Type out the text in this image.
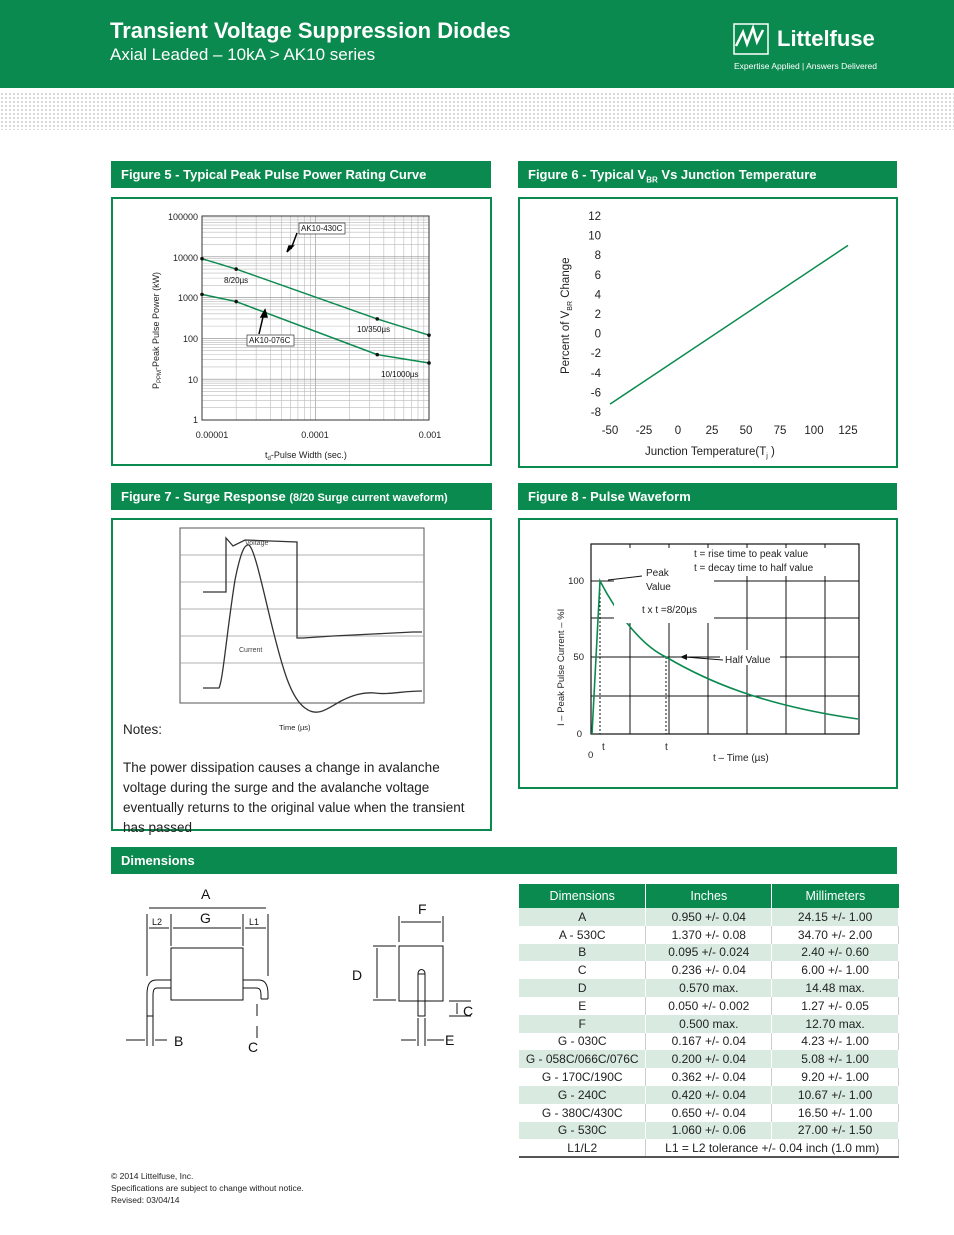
Transient Voltage Suppression Diodes
Axial Leaded – 10kA > AK10 series
Littelfuse
Expertise Applied | Answers Delivered
Figure 5 - Typical Peak Pulse Power Rating Curve
100000
10000
1000
100
10
1
0.00001	0.0001	0.001
$t_d$-Pulse Width (sec.)
$P_{PPM}$-Peak Pulse Power (kW)
AK10-430C
AK10-076C
8/20µs
10/350µs
10/1000µs
Figure 6 - Typical $V_{BR}$ Vs Junction Temperature
12
10
8
6
4
2
0
-2
-4
-6
-8
-50 -25 0 25 50 75 100 125
Percent of $V_{BR}$ Change
Junction $Temperature(T_j$ )
Figure 7 - Surge Response (8/20 Surge current waveform)
Voltage
Current
Time (µs)
Notes:
The power dissipation causes a change in avalanche voltage during the surge and the avalanche voltage eventually returns to the original value when the transient has passed
Figure 8 - Pulse Waveform
100
50
0
0
I – Peak Pulse Current – %I
t = rise time to peak value
t = decay time to half value
Peak
Value
t x t =8/20µs
Half Value
t	t
t – Time (µs)
Dimensions
A
G
B	C
F
D
C
E
L2	L1
Dimensions	Inches	Millimeters
A	0.950 +/- 0.04	24.15 +/- 1.00
A - 530C	1.370 +/- 0.08	34.70 +/- 2.00
B	0.095 +/- 0.024	2.40 +/- 0.60
C	0.236 +/- 0.04	6.00 +/- 1.00
D	0.570 max.	14.48 max.
E	0.050 +/- 0.002	1.27 +/- 0.05
F	0.500 max.	12.70 max.
G - 030C	0.167 +/- 0.04	4.23 +/- 1.00
G - 058C/066C/076C	0.200 +/- 0.04	5.08 +/- 1.00
G - 170C/190C	0.362 +/- 0.04	9.20 +/- 1.00
G - 240C	0.420 +/- 0.04	10.67 +/- 1.00
G - 380C/430C	0.650 +/- 0.04	16.50 +/- 1.00
G - 530C	1.060 +/- 0.06	27.00 +/- 1.50
L1/L2	L1 = L2 tolerance +/- 0.04 inch (1.0 mm)	
© 2014 Littelfuse, Inc.
Specifications are subject to change without notice.
Revised: 03/04/14
